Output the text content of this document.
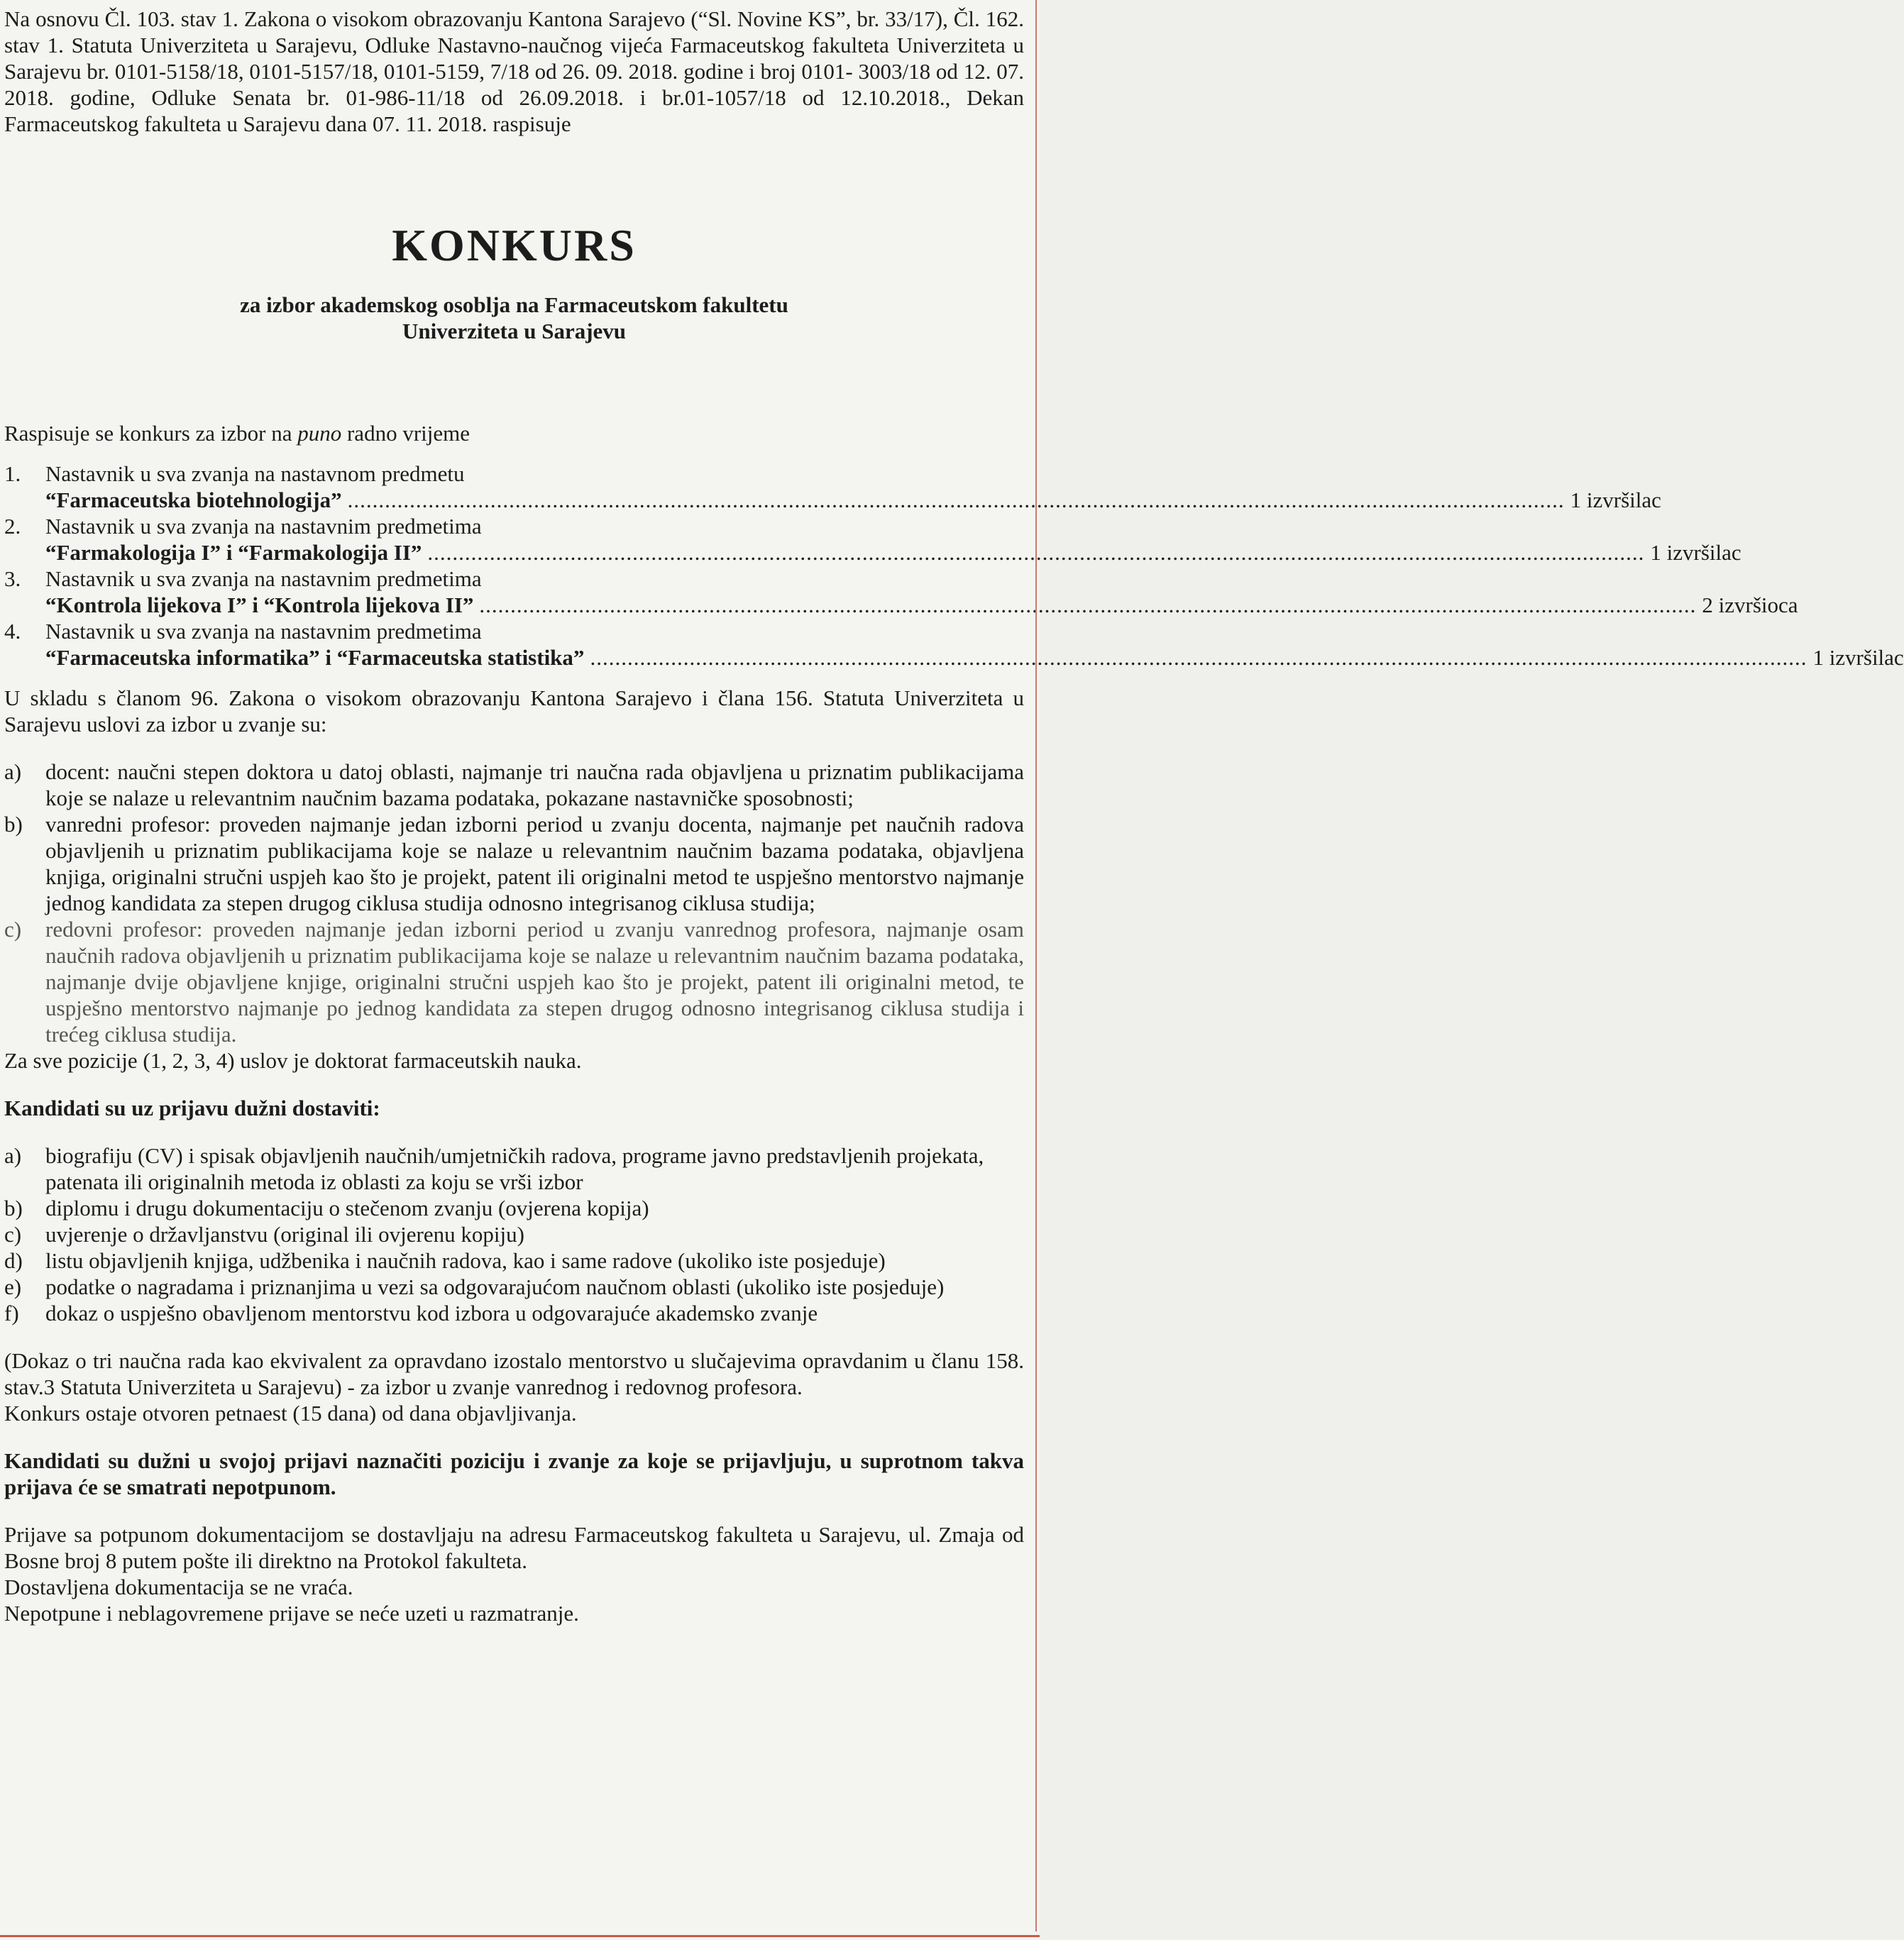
Na osnovu Čl. 103. stav 1. Zakona o visokom obrazovanju Kantona Sarajevo (“Sl. Novine KS”, br. 33/17), Čl. 162. stav 1. Statuta Univerziteta u Sarajevu, Odluke Nastavno-naučnog vijeća Farmaceutskog fakulteta Univerziteta u Sarajevu br. 0101-5158/18, 0101-5157/18, 0101-5159, 7/18 od 26. 09. 2018. godine i broj 0101- 3003/18 od 12. 07. 2018. godine, Odluke Senata br. 01-986-11/18 od 26.09.2018. i br.01-1057/18 od 12.10.2018., Dekan Farmaceutskog fakulteta u Sarajevu dana 07. 11. 2018. raspisuje

KONKURS

za izbor akademskog osoblja na Farmaceutskom fakultetu

Univerziteta u Sarajevu

Raspisuje se konkurs za izbor na puno radno vrijeme

1.	Nastavnik u sva zvanja na nastavnom predmetu
“Farmaceutska biotehnologija” .....	1 izvršilac
2.	Nastavnik u sva zvanja na nastavnim predmetima
“Farmakologija I” i “Farmakologija II” .....	1 izvršilac
3.	Nastavnik u sva zvanja na nastavnim predmetima
“Kontrola lijekova I” i “Kontrola lijekova II” .....	2 izvršioca
4.	Nastavnik u sva zvanja na nastavnim predmetima
“Farmaceutska informatika” i “Farmaceutska statistika” .....	1 izvršilac

U skladu s članom 96. Zakona o visokom obrazovanju Kantona Sarajevo i člana 156. Statuta Univerziteta u Sarajevu uslovi za izbor u zvanje su:

a)	docent: naučni stepen doktora u datoj oblasti, najmanje tri naučna rada objavljena u priznatim publikacijama koje se nalaze u relevantnim naučnim bazama podataka, pokazane nastavničke sposobnosti;
b)	vanredni profesor: proveden najmanje jedan izborni period u zvanju docenta, najmanje pet naučnih radova objavljenih u priznatim publikacijama koje se nalaze u relevantnim naučnim bazama podataka, objavljena knjiga, originalni stručni uspjeh kao što je projekt, patent ili originalni metod te uspješno mentorstvo najmanje jednog kandidata za stepen drugog ciklusa studija odnosno integrisanog ciklusa studija;
c)	redovni profesor: proveden najmanje jedan izborni period u zvanju vanrednog profesora, najmanje osam naučnih radova objavljenih u priznatim publikacijama koje se nalaze u relevantnim naučnim bazama podataka, najmanje dvije objavljene knjige, originalni stručni uspjeh kao što je projekt, patent ili originalni metod, te uspješno mentorstvo najmanje po jednog kandidata za stepen drugog odnosno integrisanog ciklusa studija i trećeg ciklusa studija.

Za sve pozicije (1, 2, 3, 4) uslov je doktorat farmaceutskih nauka.

Kandidati su uz prijavu dužni dostaviti:

a)	biografiju (CV) i spisak objavljenih naučnih/umjetničkih radova, programe javno predstavljenih projekata, patenata ili originalnih metoda iz oblasti za koju se vrši izbor
b)	diplomu i drugu dokumentaciju o stečenom zvanju (ovjerena kopija)
c)	uvjerenje o državljanstvu (original ili ovjerenu kopiju)
d)	listu objavljenih knjiga, udžbenika i naučnih radova, kao i same radove (ukoliko iste posjeduje)
e)	podatke o nagradama i priznanjima u vezi sa odgovarajućom naučnom oblasti (ukoliko iste posjeduje)
f)	dokaz o uspješno obavljenom mentorstvu kod izbora u odgovarajuće akademsko zvanje

(Dokaz o tri naučna rada kao ekvivalent za opravdano izostalo mentorstvo u slučajevima opravdanim u članu 158. stav.3 Statuta Univerziteta u Sarajevu) - za izbor u zvanje vanrednog i redovnog profesora.

Konkurs ostaje otvoren petnaest (15 dana) od dana objavljivanja.

Kandidati su dužni u svojoj prijavi naznačiti poziciju i zvanje za koje se prijavljuju, u suprotnom takva prijava će se smatrati nepotpunom.

Prijave sa potpunom dokumentacijom se dostavljaju na adresu Farmaceutskog fakulteta u Sarajevu, ul. Zmaja od Bosne broj 8 putem pošte ili direktno na Protokol fakulteta.

Dostavljena dokumentacija se ne vraća.

Nepotpune i neblagovremene prijave se neće uzeti u razmatranje.
